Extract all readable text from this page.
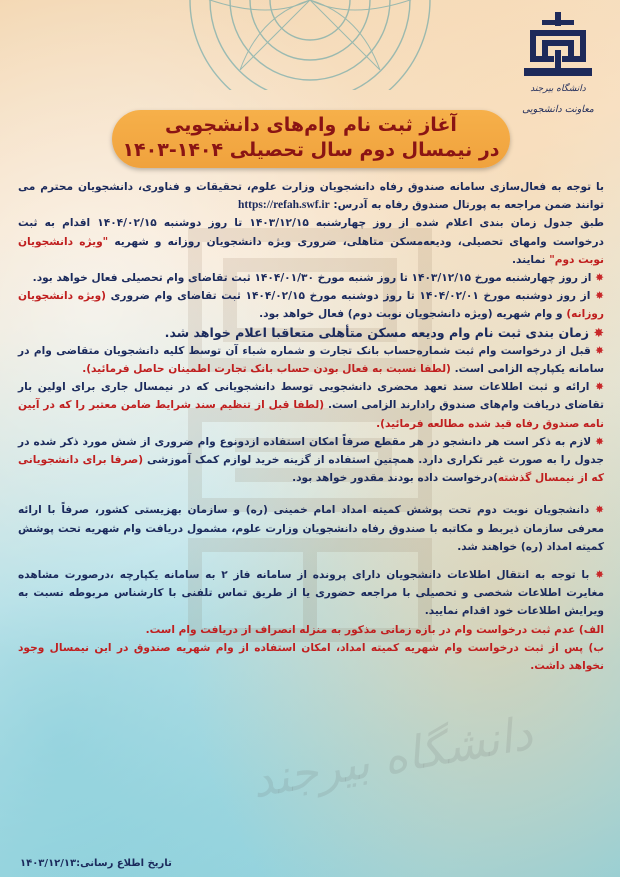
دانشگاه بیرجند
دانشگاه بیرجند
معاونت دانشجویی
آغاز ثبت نام وام‌های دانشجویی
در نیمسال دوم سال تحصیلی ۱۴۰۴-۱۴۰۳

با توجه به فعال‌سازی سامانه صندوق رفاه دانشجویان وزارت علوم، تحقیقات و فناوری، دانشجویان محترم می توانند ضمن مراجعه به پورتال صندوق رفاه به آدرس: https://refah.swf.ir

طبق جدول زمان بندی اعلام شده از روز چهارشنبه ۱۴۰۳/۱۲/۱۵ تا روز دوشنبه ۱۴۰۴/۰۲/۱۵ اقدام به ثبت درخواست وامهای تحصیلی، ودیعه‌مسکن متاهلی، ضروری ویژه دانشجویان روزانه و شهریه "ویژه دانشجویان نوبت دوم" نمایند.

✸ از روز چهارشنبه مورخ ۱۴۰۳/۱۲/۱۵ تا روز شنبه مورخ ۱۴۰۴/۰۱/۳۰ ثبت تقاضای وام تحصیلی فعال خواهد بود.

✸ از روز دوشنبه مورخ ۱۴۰۴/۰۲/۰۱ تا روز دوشنبه مورخ ۱۴۰۴/۰۲/۱۵ ثبت تقاضای وام ضروری (ویژه دانشجویان روزانه) و وام شهریه (ویژه دانشجویان نوبت دوم) فعال خواهد بود.

✸ زمان بندی ثبت نام وام ودیعه مسکن متأهلی متعاقبا اعلام خواهد شد.

✸ قبل از درخواست وام ثبت شماره‌حساب بانک تجارت و شماره شباء آن توسط کلیه دانشجویان متقاضی وام در سامانه یکپارچه الزامی است. (لطفا نسبت به فعال بودن حساب بانک تجارت اطمینان حاصل فرمائید).

✸ ارائه و ثبت اطلاعات سند تعهد محضری دانشجویی توسط دانشجویانی که در نیمسال جاری برای اولین بار تقاضای دریافت وام‌های صندوق رادارند الزامی است. (لطفا قبل از تنظیم سند شرایط ضامن معتبر را که در آیین نامه صندوق رفاه قید شده مطالعه فرمائید).

✸ لازم به ذکر است هر دانشجو در هر مقطع صرفاً امکان استفاده ازدونوع وام ضروری از شش مورد ذکر شده در جدول را به صورت غیر تکراری دارد. همچنین استفاده از گزینه خرید لوازم کمک آموزشی (صرفا برای دانشجویانی که از نیمسال گذشته)درخواست داده بودند مقدور خواهد بود.

✸ دانشجویان نوبت دوم تحت پوشش کمیته امداد امام خمینی (ره) و سازمان بهزیستی کشور، صرفاً با ارائه معرفی سازمان ذیربط و مکاتبه با صندوق رفاه دانشجویان وزارت علوم، مشمول دریافت وام شهریه تحت پوشش کمیته امداد (ره) خواهند شد.

✸ با توجه به انتقال اطلاعات دانشجویان دارای پرونده از سامانه فاز ۲ به سامانه یکپارچه ،درصورت مشاهده مغایرت اطلاعات شخصی و تحصیلی با مراجعه حضوری یا از طریق تماس تلفنی با کارشناس مربوطه نسبت به ویرایش اطلاعات خود اقدام نمایید.

الف) عدم ثبت درخواست وام در بازه زمانی مذکور به منزله انصراف از دریافت وام است.

ب) پس از ثبت درخواست وام شهریه کمیته امداد، امکان استفاده از وام شهریه صندوق در این نیمسال وجود نخواهد داشت.

تاریخ اطلاع رسانی:۱۴۰۳/۱۲/۱۳
